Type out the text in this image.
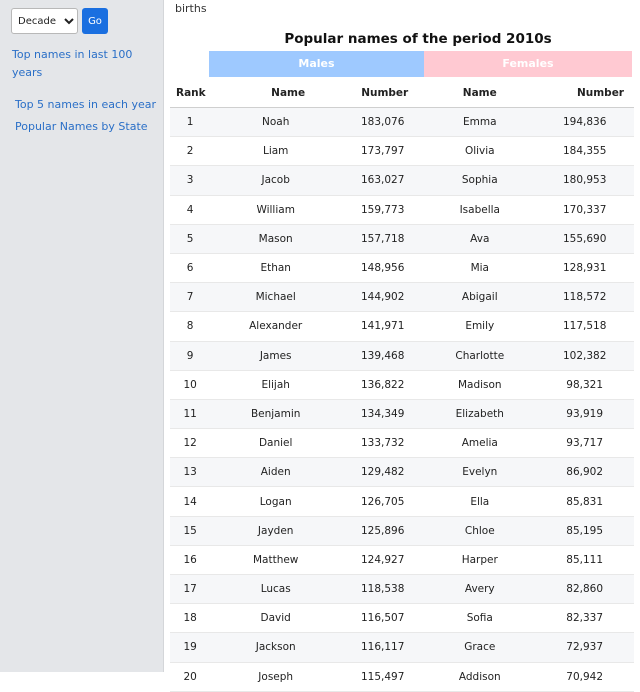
Decade
Go
Top names in last 100 years
Top 5 names in each year
Popular Names by State
births
Popular names of the period 2010s
Males	Females
Rank	Name	Number	Name	Number
1	Noah	183,076	Emma	194,836
2	Liam	173,797	Olivia	184,355
3	Jacob	163,027	Sophia	180,953
4	William	159,773	Isabella	170,337
5	Mason	157,718	Ava	155,690
6	Ethan	148,956	Mia	128,931
7	Michael	144,902	Abigail	118,572
8	Alexander	141,971	Emily	117,518
9	James	139,468	Charlotte	102,382
10	Elijah	136,822	Madison	98,321
11	Benjamin	134,349	Elizabeth	93,919
12	Daniel	133,732	Amelia	93,717
13	Aiden	129,482	Evelyn	86,902
14	Logan	126,705	Ella	85,831
15	Jayden	125,896	Chloe	85,195
16	Matthew	124,927	Harper	85,111
17	Lucas	118,538	Avery	82,860
18	David	116,507	Sofia	82,337
19	Jackson	116,117	Grace	72,937
20	Joseph	115,497	Addison	70,942
